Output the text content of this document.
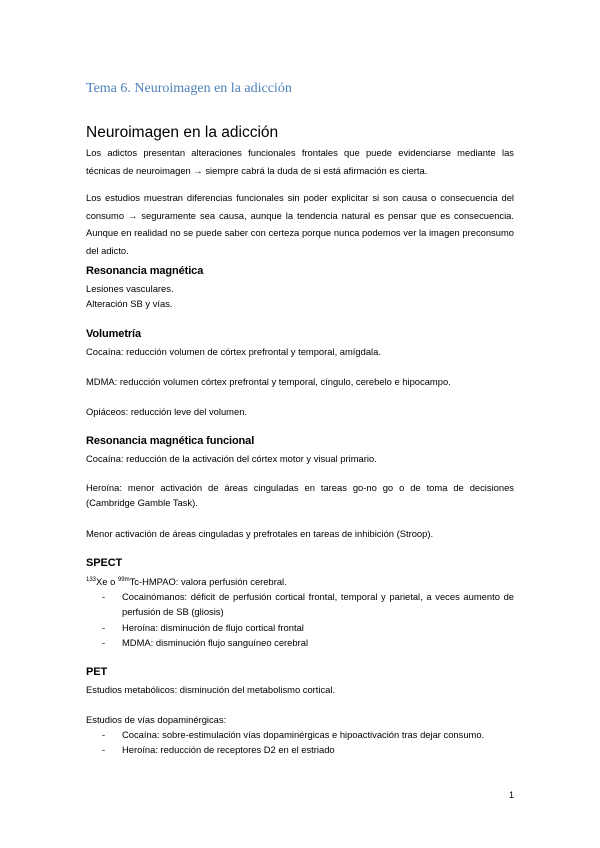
Tema 6. Neuroimagen en la adicción
Neuroimagen en la adicción
Los adictos presentan alteraciones funcionales frontales que puede evidenciarse mediante las técnicas de neuroimagen → siempre cabrá la duda de si está afirmación es cierta.
Los estudios muestran diferencias funcionales sin poder explicitar si son causa o consecuencia del consumo → seguramente sea causa, aunque la tendencia natural es pensar que es consecuencia. Aunque en realidad no se puede saber con certeza porque nunca podemos ver la imagen preconsumo del adicto.
Resonancia magnética
Lesiones vasculares.
Alteración SB y vías.
Volumetría
Cocaína: reducción volumen de córtex prefrontal y temporal, amígdala.
MDMA: reducción volumen córtex prefrontal y temporal, cíngulo, cerebelo e hipocampo.
Opiáceos: reducción leve del volumen.
Resonancia magnética funcional
Cocaína: reducción de la activación del córtex motor y visual primario.
Heroína: menor activación de áreas cinguladas en tareas go-no go o de toma de decisiones (Cambridge Gamble Task).
Menor activación de áreas cinguladas y prefrotales en tareas de inhibición (Stroop).
SPECT
$^{133}$Xe o $^{99m}$Tc-HMPAO: valora perfusión cerebral.
- Cocainómanos: déficit de perfusión cortical frontal, temporal y parietal, a veces aumento de perfusión de SB (gliosis)
- Heroína: disminución de flujo cortical frontal
- MDMA: disminución flujo sanguíneo cerebral
PET
Estudios metabólicos: disminución del metabolismo cortical.
Estudios de vías dopaminérgicas:
- Cocaína: sobre-estimulación vías dopaminérgicas e hipoactivación tras dejar consumo.
- Heroína: reducción de receptores D2 en el estriado
1
